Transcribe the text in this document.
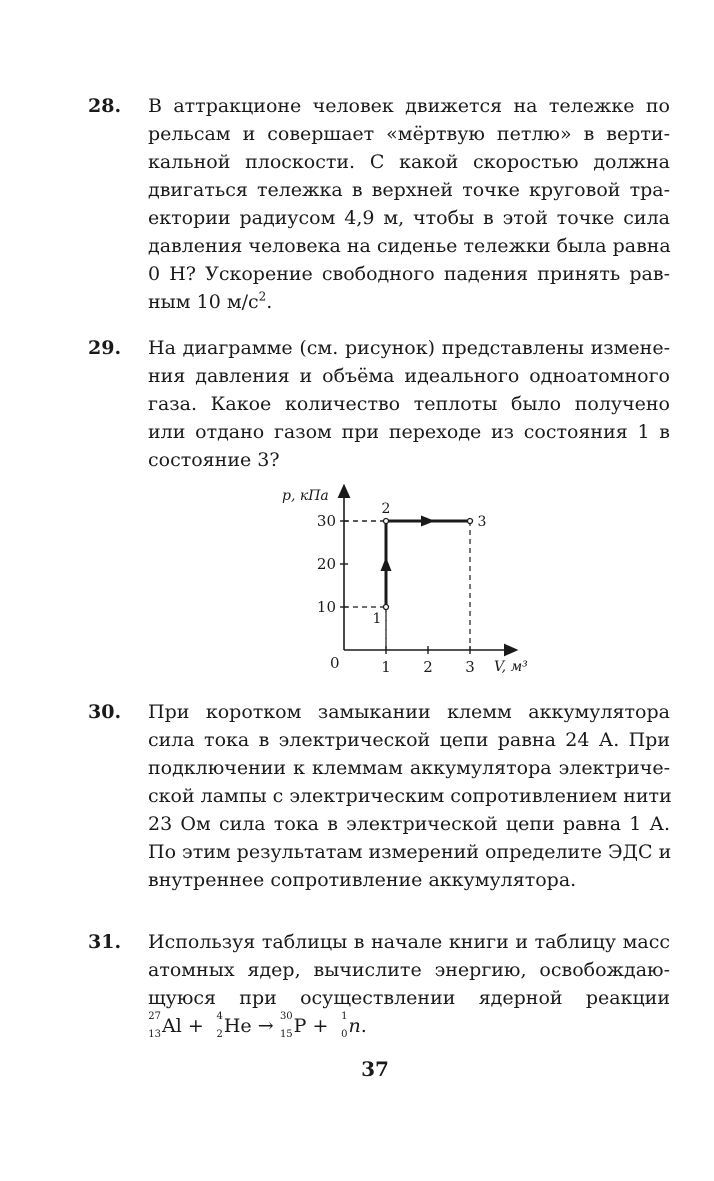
28. В аттракционе человек движется на тележке по
рельсам и совершает «мёртвую петлю» в верти-
кальной плоскости. С какой скоростью должна
двигаться тележка в верхней точке круговой тра-
ектории радиусом 4,9 м, чтобы в этой точке сила
давления человека на сиденье тележки была равна
0 Н? Ускорение свободного падения принять рав-
ным 10 $м/с^2$.
29. На диаграмме (см. рисунок) представлены измене-
ния давления и объёма идеального одноатомного
газа. Какое количество теплоты было получено
или отдано газом при переходе из состояния 1 в
состояние 3?
p, кПа
V, м³
0	1 2 3
10
20
30
1
2
3
30. При коротком замыкании клемм аккумулятора
сила тока в электрической цепи равна 24 А. При
подключении к клеммам аккумулятора электриче-
ской лампы с электрическим сопротивлением нити
23 Ом сила тока в электрической цепи равна 1 А.
По этим результатам измерений определите ЭДС и
внутреннее сопротивление аккумулятора.
31. Используя таблицы в начале книги и таблицу масс
атомных ядер, вычислите энергию, освобождаю-
щуюся при осуществлении ядерной реакции
27
13 Al + 4
2 He → 30
15 P + 1
0 n.
37
